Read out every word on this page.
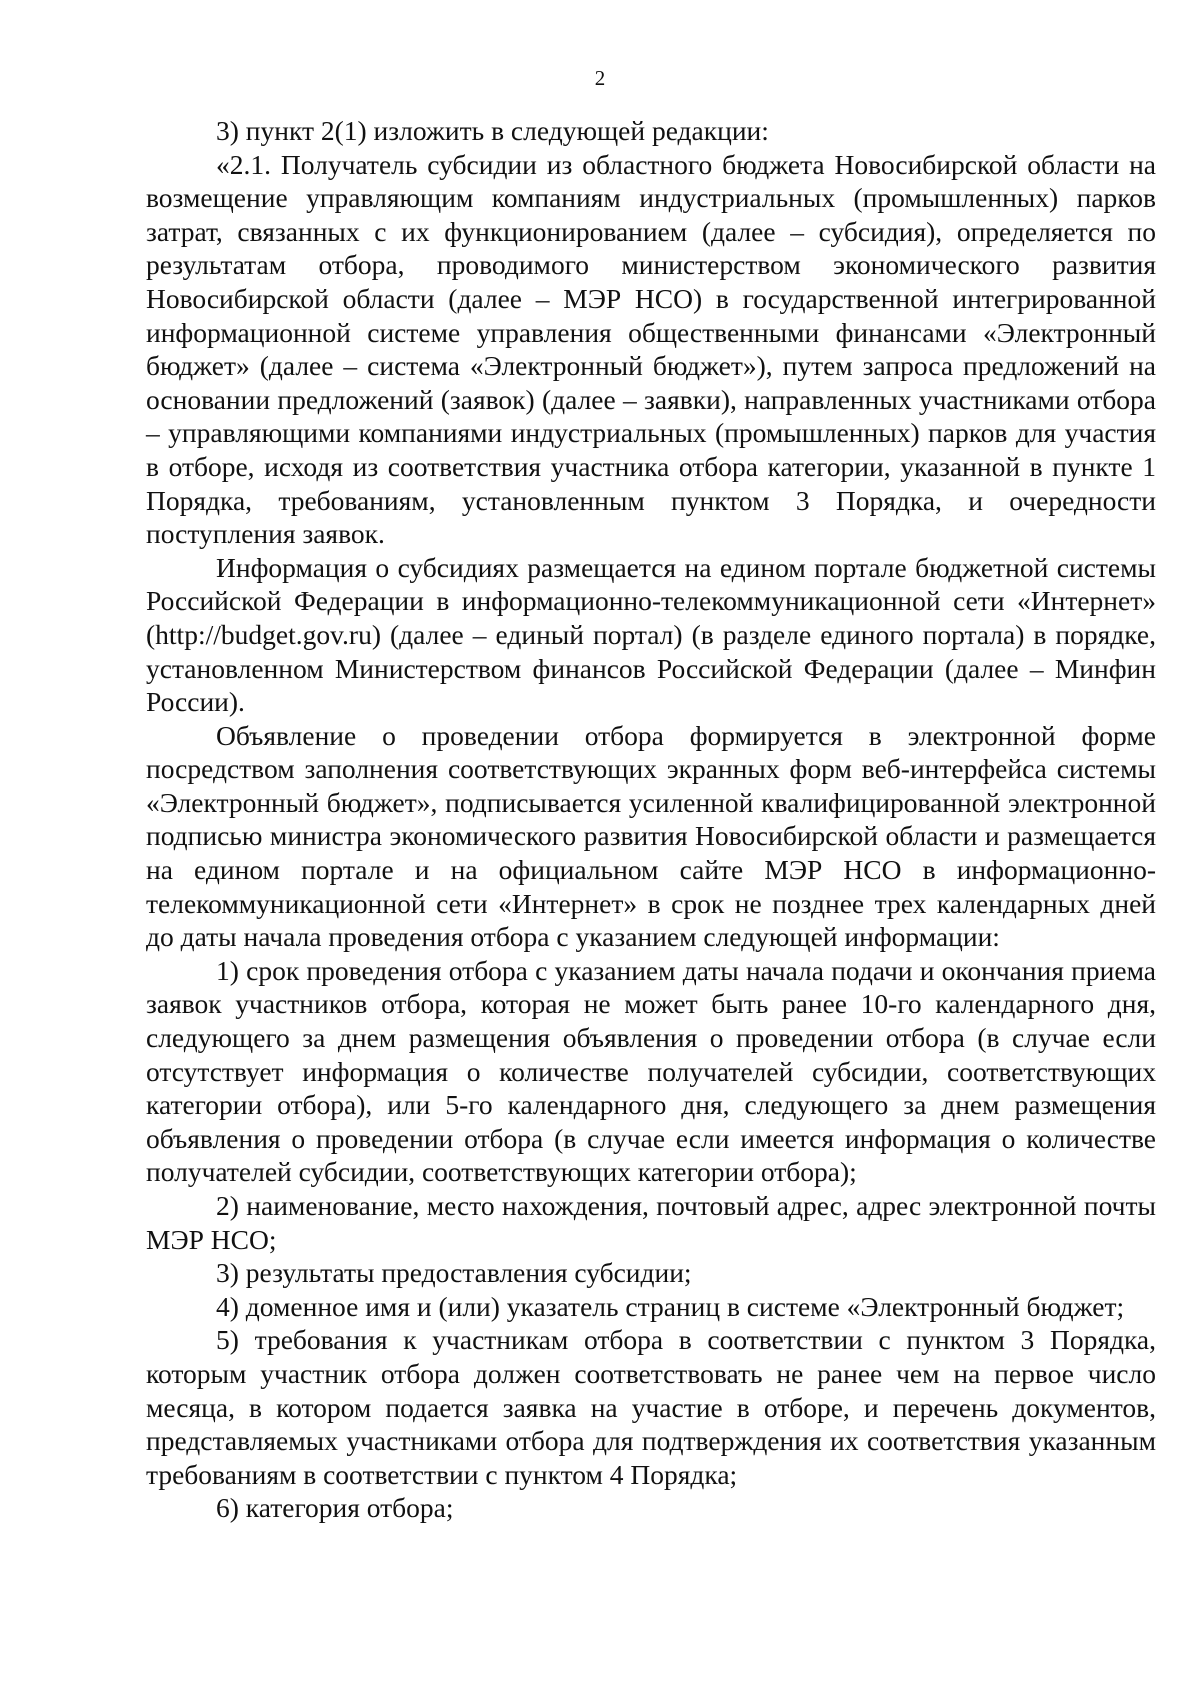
2

3) пункт 2(1) изложить в следующей редакции:

«2.1. Получатель субсидии из областного бюджета Новосибирской области на возмещение управляющим компаниям индустриальных (промышленных) парков затрат, связанных с их функционированием (далее – субсидия), определяется по результатам отбора, проводимого министерством экономического развития Новосибирской области (далее – МЭР НСО) в государственной интегрированной информационной системе управления общественными финансами «Электронный бюджет» (далее – система «Электронный бюджет»), путем запроса предложений на основании предложений (заявок) (далее – заявки), направленных участниками отбора – управляющими компаниями индустриальных (промышленных) парков для участия в отборе, исходя из соответствия участника отбора категории, указанной в пункте 1 Порядка, требованиям, установленным пунктом 3 Порядка, и очередности поступления заявок.

Информация о субсидиях размещается на едином портале бюджетной системы Российской Федерации в информационно-телекоммуникационной сети «Интернет» (http://budget.gov.ru) (далее – единый портал) (в разделе единого портала) в порядке, установленном Министерством финансов Российской Федерации (далее – Минфин России).

Объявление о проведении отбора формируется в электронной форме посредством заполнения соответствующих экранных форм веб-интерфейса системы «Электронный бюджет», подписывается усиленной квалифицированной электронной подписью министра экономического развития Новосибирской области и размещается на едином портале и на официальном сайте МЭР НСО в информационно-телекоммуникационной сети «Интернет» в срок не позднее трех календарных дней до даты начала проведения отбора с указанием следующей информации:

1) срок проведения отбора с указанием даты начала подачи и окончания приема заявок участников отбора, которая не может быть ранее 10-го календарного дня, следующего за днем размещения объявления о проведении отбора (в случае если отсутствует информация о количестве получателей субсидии, соответствующих категории отбора), или 5-го календарного дня, следующего за днем размещения объявления о проведении отбора (в случае если имеется информация о количестве получателей субсидии, соответствующих категории отбора);

2) наименование, место нахождения, почтовый адрес, адрес электронной почты МЭР НСО;

3) результаты предоставления субсидии;

4) доменное имя и (или) указатель страниц в системе «Электронный бюджет;

5) требования к участникам отбора в соответствии с пунктом 3 Порядка, которым участник отбора должен соответствовать не ранее чем на первое число месяца, в котором подается заявка на участие в отборе, и перечень документов, представляемых участниками отбора для подтверждения их соответствия указанным требованиям в соответствии с пунктом 4 Порядка;

6) категория отбора;
